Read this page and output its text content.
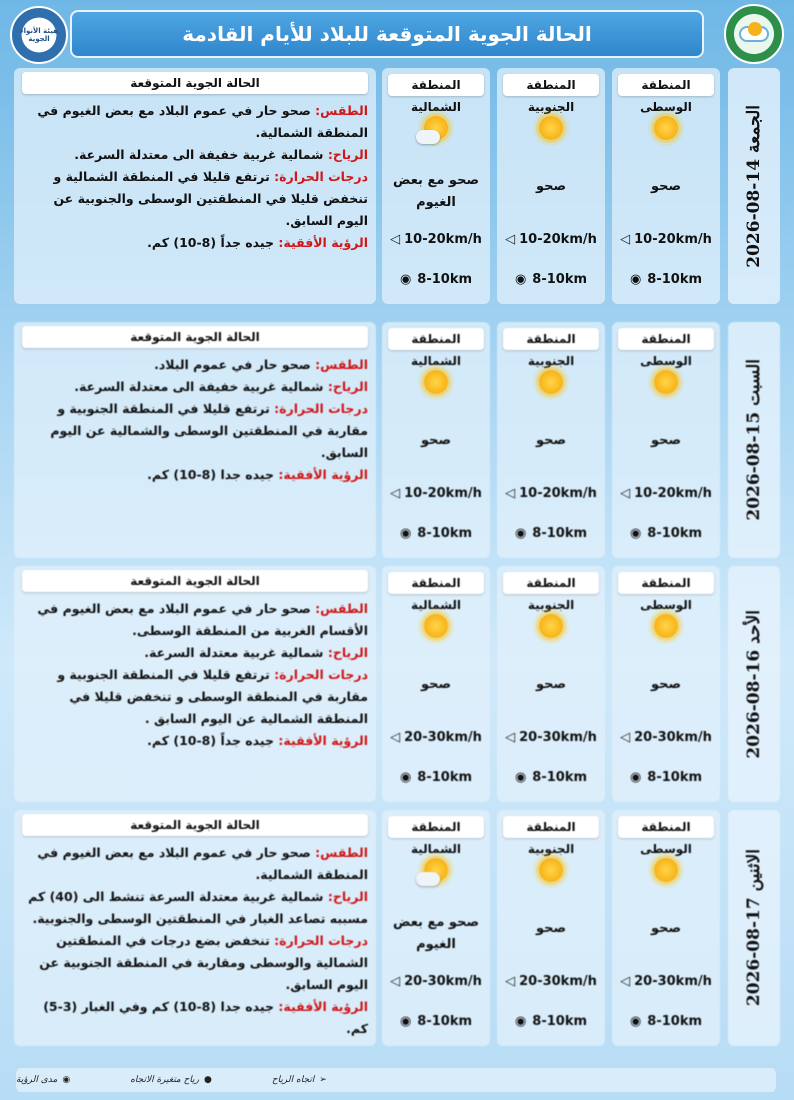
هيئة الأنواء الجوية	الحالة الجوية المتوقعة للبلاد للأيام القادمة
الجمعة 14-08-2026
المنطقة الوسطى
صحو
◁ 10-20km/h
◉ 8-10km
المنطقة الجنوبية
صحو
◁ 10-20km/h
◉ 8-10km
المنطقة الشمالية
صحو مع بعض الغيوم
◁ 10-20km/h
◉ 8-10km
الحالة الجوية المتوقعة

الطقس: صحو حار في عموم البلاد مع بعض الغيوم في المنطقة الشمالية.

الرياح: شمالية غربية خفيفة الى معتدلة السرعة.

درجات الحرارة: ترتفع قليلا في المنطقة الشمالية و تنخفض قليلا في المنطقتين الوسطى والجنوبية عن اليوم السابق.

الرؤية الأفقية: جيده جداً (8-10) كم.

السبت 15-08-2026
المنطقة الوسطى
صحو
◁ 10-20km/h
◉ 8-10km
المنطقة الجنوبية
صحو
◁ 10-20km/h
◉ 8-10km
المنطقة الشمالية
صحو
◁ 10-20km/h
◉ 8-10km
الحالة الجوية المتوقعة

الطقس: صحو حار في عموم البلاد.

الرياح: شمالية غربية خفيفة الى معتدلة السرعة.

درجات الحرارة: ترتفع قليلا في المنطقة الجنوبية و مقاربة في المنطقتين الوسطى والشمالية عن اليوم السابق.

الرؤية الأفقية: جيده جدا (8-10) كم.

الأحد 16-08-2026
المنطقة الوسطى
صحو
◁ 20-30km/h
◉ 8-10km
المنطقة الجنوبية
صحو
◁ 20-30km/h
◉ 8-10km
المنطقة الشمالية
صحو
◁ 20-30km/h
◉ 8-10km
الحالة الجوية المتوقعة

الطقس: صحو حار في عموم البلاد مع بعض الغيوم في الأقسام الغربية من المنطقة الوسطى.

الرياح: شمالية غربية معتدلة السرعة.

درجات الحرارة: ترتفع قليلا في المنطقة الجنوبية و مقاربة في المنطقة الوسطى و تنخفض قليلا في المنطقة الشمالية عن اليوم السابق .

الرؤية الأفقية: جيده جداً (8-10) كم.

الاثنين 17-08-2026
المنطقة الوسطى
صحو
◁ 20-30km/h
◉ 8-10km
المنطقة الجنوبية
صحو
◁ 20-30km/h
◉ 8-10km
المنطقة الشمالية
صحو مع بعض الغيوم
◁ 20-30km/h
◉ 8-10km
الحالة الجوية المتوقعة

الطقس: صحو حار في عموم البلاد مع بعض الغيوم في المنطقة الشمالية.

الرياح: شمالية غربية معتدلة السرعة تنشط الى (40) كم مسببه تصاعد الغبار في المنطقتين الوسطى والجنوبية.

درجات الحرارة: تنخفض بضع درجات في المنطقتين الشمالية والوسطى ومقاربة في المنطقة الجنوبية عن اليوم السابق.

الرؤية الأفقية: جيده جدا (8-10) كم وفي الغبار (3-5) كم.

➢
اتجاه الرياح
●
رياح متغيرة الاتجاه
◉
مدى الرؤية
